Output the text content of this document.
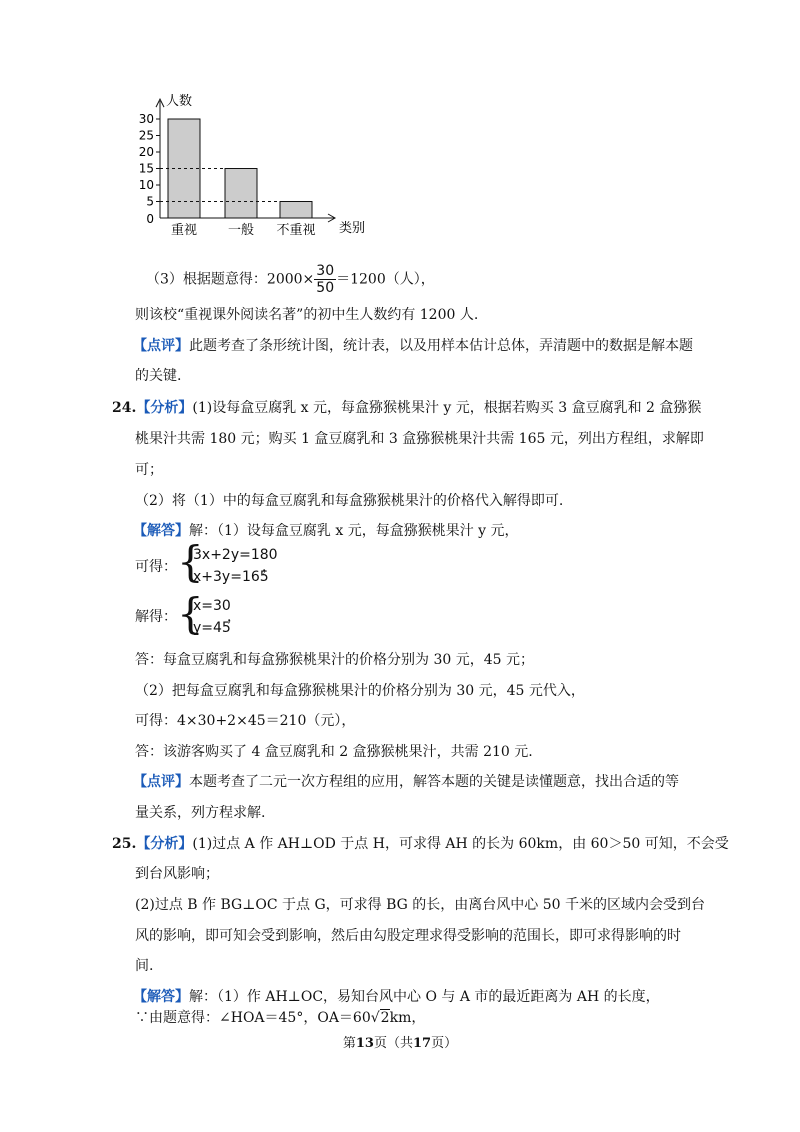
0
5
10
15
20
25
30
人数
类别
重视 一般 不重视
（3）根据题意得：$2000\times \frac{30}{50} =1200$（人），
则该校“重视课外阅读名著”的初中生人数约有 1200 人.
【点评】此题考查了条形统计图，统计表，以及用样本估计总体，弄清题中的数据是解本题
的关键.
24.【分析】(1)设每盒豆腐乳 x 元，每盒猕猴桃果汁 y 元，根据若购买 3 盒豆腐乳和 2 盒猕猴
桃果汁共需 180 元；购买 1 盒豆腐乳和 3 盒猕猴桃果汁共需 165 元，列出方程组，求解即
可；
（2）将（1）中的每盒豆腐乳和每盒猕猴桃果汁的价格代入解得即可.
【解答】解：（1）设每盒豆腐乳 x 元，每盒猕猴桃果汁 y 元，
可得： {
3x+2y=180
x+3y=165
，
解得： {
x=30
y=45
，
答：每盒豆腐乳和每盒猕猴桃果汁的价格分别为 30 元，45 元；
（2）把每盒豆腐乳和每盒猕猴桃果汁的价格分别为 30 元，45 元代入，
可得：4×30+2×45＝210（元），
答：该游客购买了 4 盒豆腐乳和 2 盒猕猴桃果汁，共需 210 元.
【点评】本题考查了二元一次方程组的应用，解答本题的关键是读懂题意，找出合适的等
量关系，列方程求解.
25.【分析】(1)过点 A 作 AH⊥OD 于点 H，可求得 AH 的长为 60km，由 60＞50 可知，不会受
到台风影响；
(2)过点 B 作 BG⊥OC 于点 G，可求得 BG 的长，由离台风中心 50 千米的区域内会受到台
风的影响，即可知会受到影响，然后由勾股定理求得受影响的范围长，即可求得影响的时
间.
【解答】解：（1）作 AH⊥OC，易知台风中心 O 与 A 市的最近距离为 AH 的长度，
∵由题意得：∠HOA＝45°，OA＝60√2km，
第13页（共17页）
